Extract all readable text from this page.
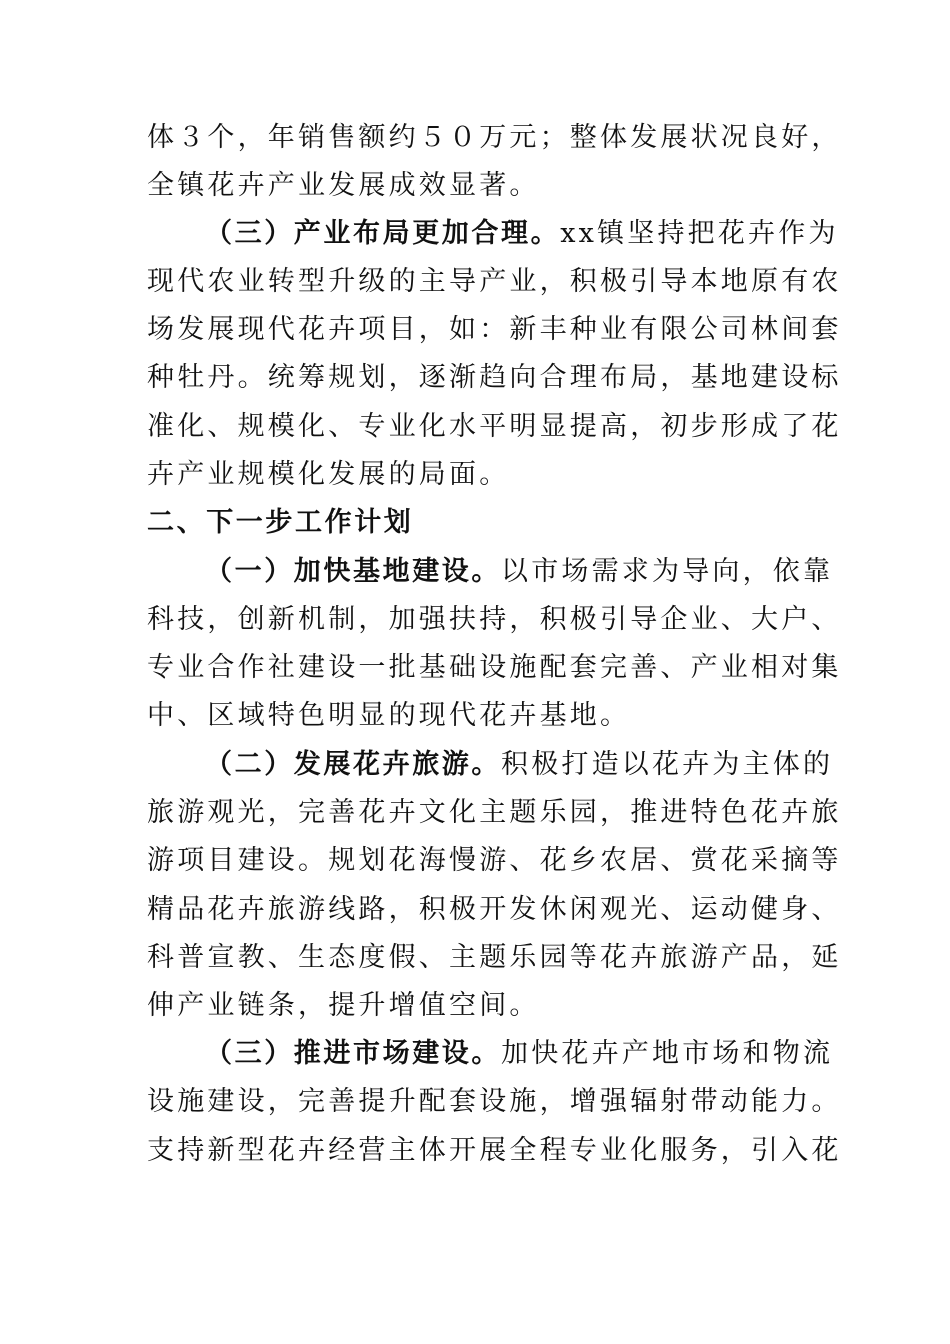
体３个，年销售额约５０万元；整体发展状况良好，
全镇花卉产业发展成效显著。
（三）产业布局更加合理。xx镇坚持把花卉作为
现代农业转型升级的主导产业，积极引导本地原有农
场发展现代花卉项目，如：新丰种业有限公司林间套
种牡丹。统筹规划，逐渐趋向合理布局，基地建设标
准化、规模化、专业化水平明显提高，初步形成了花
卉产业规模化发展的局面。
二、下一步工作计划
（一）加快基地建设。以市场需求为导向，依靠
科技，创新机制，加强扶持，积极引导企业、大户、
专业合作社建设一批基础设施配套完善、产业相对集
中、区域特色明显的现代花卉基地。
（二）发展花卉旅游。积极打造以花卉为主体的
旅游观光，完善花卉文化主题乐园，推进特色花卉旅
游项目建设。规划花海慢游、花乡农居、赏花采摘等
精品花卉旅游线路，积极开发休闲观光、运动健身、
科普宣教、生态度假、主题乐园等花卉旅游产品，延
伸产业链条，提升增值空间。
（三）推进市场建设。加快花卉产地市场和物流
设施建设，完善提升配套设施，增强辐射带动能力。
支持新型花卉经营主体开展全程专业化服务，引入花
